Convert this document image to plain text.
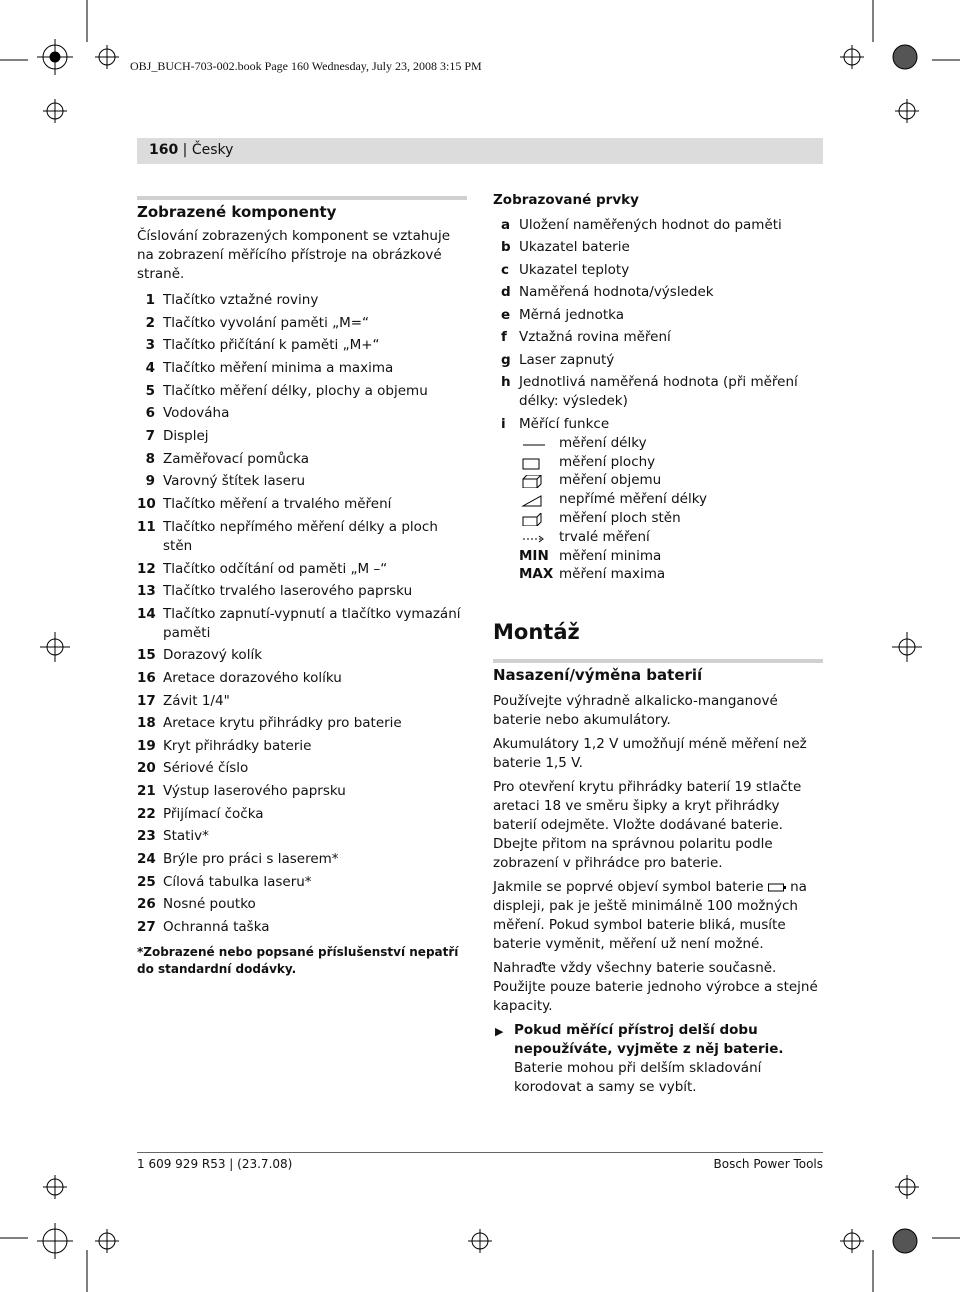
OBJ_BUCH-703-002.book Page 160 Wednesday, July 23, 2008 3:15 PM
160 | Česky
Zobrazené komponenty
Číslování zobrazených komponent se vztahuje na zobrazení měřícího přístroje na obrázkové straně.
1 Tlačítko vztažné roviny
2 Tlačítko vyvolání paměti „M=“
3 Tlačítko přičítání k paměti „M+“
4 Tlačítko měření minima a maxima
5 Tlačítko měření délky, plochy a objemu
6 Vodováha
7 Displej
8 Zaměřovací pomůcka
9 Varovný štítek laseru
10 Tlačítko měření a trvalého měření
11 Tlačítko nepřímého měření délky a ploch stěn
12 Tlačítko odčítání od paměti „M –“
13 Tlačítko trvalého laserového paprsku
14 Tlačítko zapnutí-vypnutí a tlačítko vymazání paměti
15 Dorazový kolík
16 Aretace dorazového kolíku
17 Závit 1/4"
18 Aretace krytu přihrádky pro baterie
19 Kryt přihrádky baterie
20 Sériové číslo
21 Výstup laserového paprsku
22 Přijímací čočka
23 Stativ*
24 Brýle pro práci s laserem*
25 Cílová tabulka laseru*
26 Nosné poutko
27 Ochranná taška
*Zobrazené nebo popsané příslušenství nepatří do standardní dodávky.
Zobrazované prvky
a Uložení naměřených hodnot do paměti
b Ukazatel baterie
c Ukazatel teploty
d Naměřená hodnota/výsledek
e Měrná jednotka
f Vztažná rovina měření
g Laser zapnutý
h Jednotlivá naměřená hodnota (při měření délky: výsledek)
i Měřící funkce
měření délky
měření plochy
měření objemu
nepřímé měření délky
měření ploch stěn
trvalé měření
MIN měření minima
MAX měření maxima
Montáž
Nasazení/výměna baterií
Používejte výhradně alkalicko-manganové baterie nebo akumulátory.
Akumulátory 1,2 V umožňují méně měření než baterie 1,5 V.
Pro otevření krytu přihrádky baterií 19 stlačte aretaci 18 ve směru šipky a kryt přihrádky baterií odejměte. Vložte dodávané baterie. Dbejte přitom na správnou polaritu podle zobrazení v přihrádce pro baterie.
Jakmile se poprvé objeví symbol baterie na displeji, pak je ještě minimálně 100 možných měření. Pokud symbol baterie bliká, musíte baterie vyměnit, měření už není možné.
Nahraďte vždy všechny baterie současně. Použijte pouze baterie jednoho výrobce a stejné kapacity.
▶ Pokud měřící přístroj delší dobu nepoužíváte, vyjměte z něj baterie. Baterie mohou při delším skladování korodovat a samy se vybít.
1 609 929 R53 | (23.7.08)	Bosch Power Tools
